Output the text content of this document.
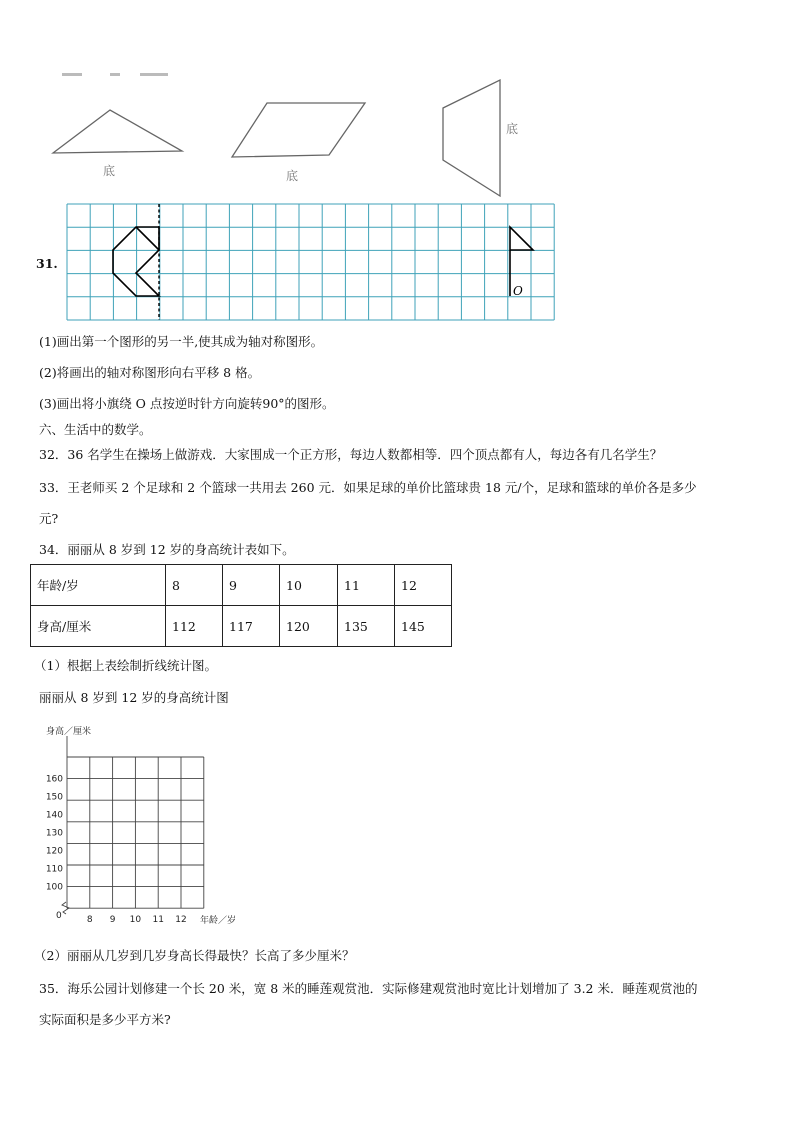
底	底
底
31.
O
(1)画出第一个图形的另一半,使其成为轴对称图形。
(2)将画出的轴对称图形向右平移 8 格。
(3)画出将小旗绕 O 点按逆时针方向旋转90°的图形。
六、生活中的数学。
32．36 名学生在操场上做游戏．大家围成一个正方形，每边人数都相等．四个顶点都有人，每边各有几名学生？
33．王老师买 2 个足球和 2 个篮球一共用去 260 元．如果足球的单价比篮球贵 18 元/个，足球和篮球的单价各是多少
元?
34．丽丽从 8 岁到 12 岁的身高统计表如下。
年龄/岁	8	9	10	11	12
身高/厘米	112	117	120	135	145
（1）根据上表绘制折线统计图。
丽丽从 8 岁到 12 岁的身高统计图
身高／厘米
年龄／岁
0
100
110
120
130
140
150
160
8 9 10 11 12
（2）丽丽从几岁到几岁身高长得最快？长高了多少厘米？
35．海乐公园计划修建一个长 20 米，宽 8 米的睡莲观赏池．实际修建观赏池时宽比计划增加了 3.2 米．睡莲观赏池的
实际面积是多少平方米?
